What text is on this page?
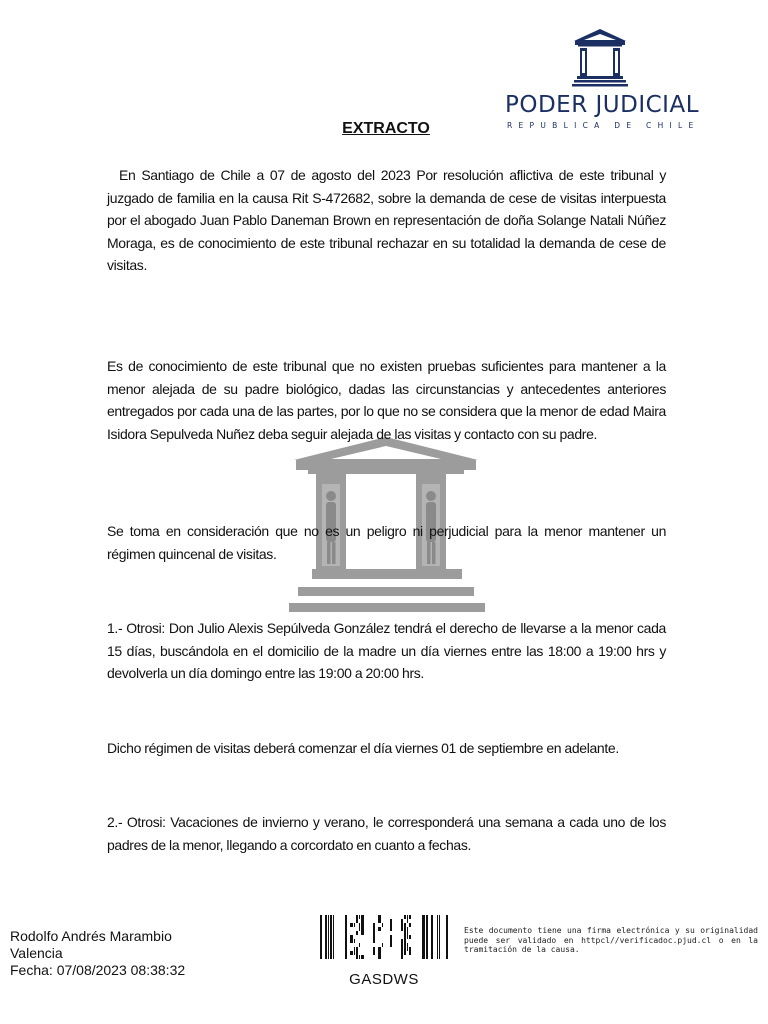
PODER JUDICIAL
REPUBLICA DE CHILE
EXTRACTO

En Santiago de Chile a 07 de agosto del 2023 Por resolución aflictiva de este tribunal y juzgado de familia en la causa Rit S-472682, sobre la demanda de cese de visitas interpuesta por el abogado Juan Pablo Daneman Brown en representación de doña Solange Natali Núñez Moraga, es de conocimiento de este tribunal rechazar en su totalidad la demanda de cese de visitas.

Es de conocimiento de este tribunal que no existen pruebas suficientes para mantener a la menor alejada de su padre biológico, dadas las circunstancias y antecedentes anteriores entregados por cada una de las partes, por lo que no se considera que la menor de edad Maira Isidora Sepulveda Nuñez deba seguir alejada de las visitas y contacto con su padre.

Se toma en consideración que no es un peligro ni perjudicial para la menor mantener un régimen quincenal de visitas.

1.- Otrosi: Don Julio Alexis Sepúlveda González tendrá el derecho de llevarse a la menor cada 15 días, buscándola en el domicilio de la madre un día viernes entre las 18:00 a 19:00 hrs y devolverla un día domingo entre las 19:00 a 20:00 hrs.

Dicho régimen de visitas deberá comenzar el día viernes 01 de septiembre en adelante.

2.- Otrosi: Vacaciones de invierno y verano, le corresponderá una semana a cada uno de los padres de la menor, llegando a corcordato en cuanto a fechas.

Rodolfo Andrés Marambio
Valencia
Fecha: 07/08/2023 08:38:32
GASDWS
Este documento tiene una firma electrónica y su originalidad puede ser validado en httpcl//verificadoc.pjud.cl o en la tramitación de la causa.
